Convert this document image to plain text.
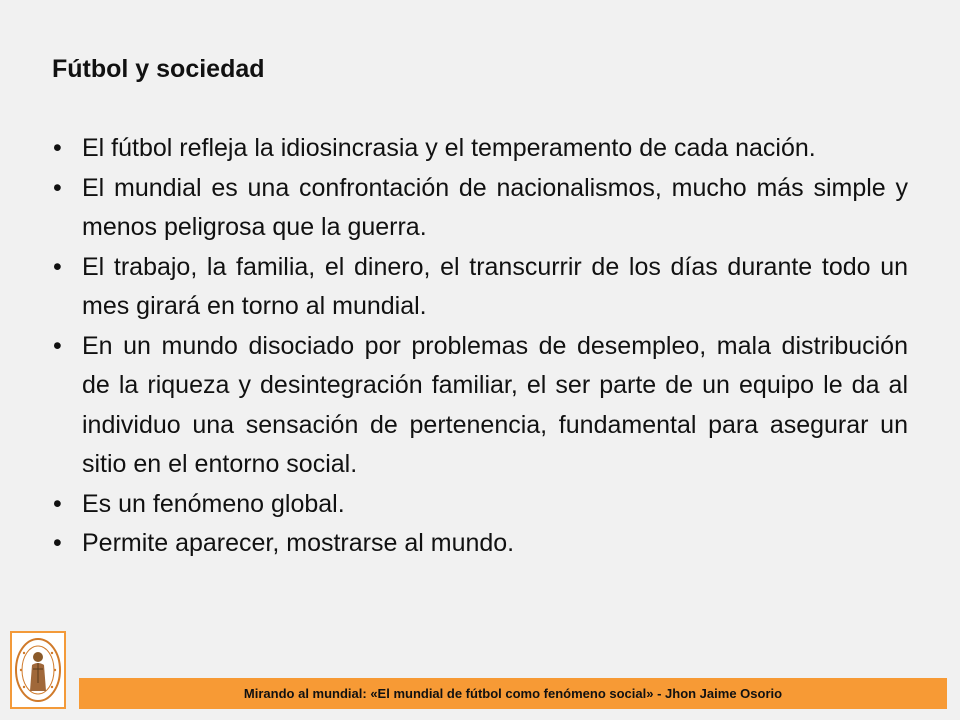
Fútbol y sociedad
• El fútbol refleja la idiosincrasia y el temperamento de cada nación.
• El mundial es una confrontación de nacionalismos, mucho más simple y menos peligrosa que la guerra.
• El trabajo, la familia, el dinero, el transcurrir de los días durante todo un mes girará en torno al mundial.
• En un mundo disociado por problemas de desempleo, mala distribución de la riqueza y desintegración familiar, el ser parte de un equipo le da al individuo una sensación de pertenencia, fundamental para asegurar un sitio en el entorno social.
• Es un fenómeno global.
• Permite aparecer, mostrarse al mundo.
Mirando al mundial: «El mundial de fútbol como fenómeno social» - Jhon Jaime Osorio
